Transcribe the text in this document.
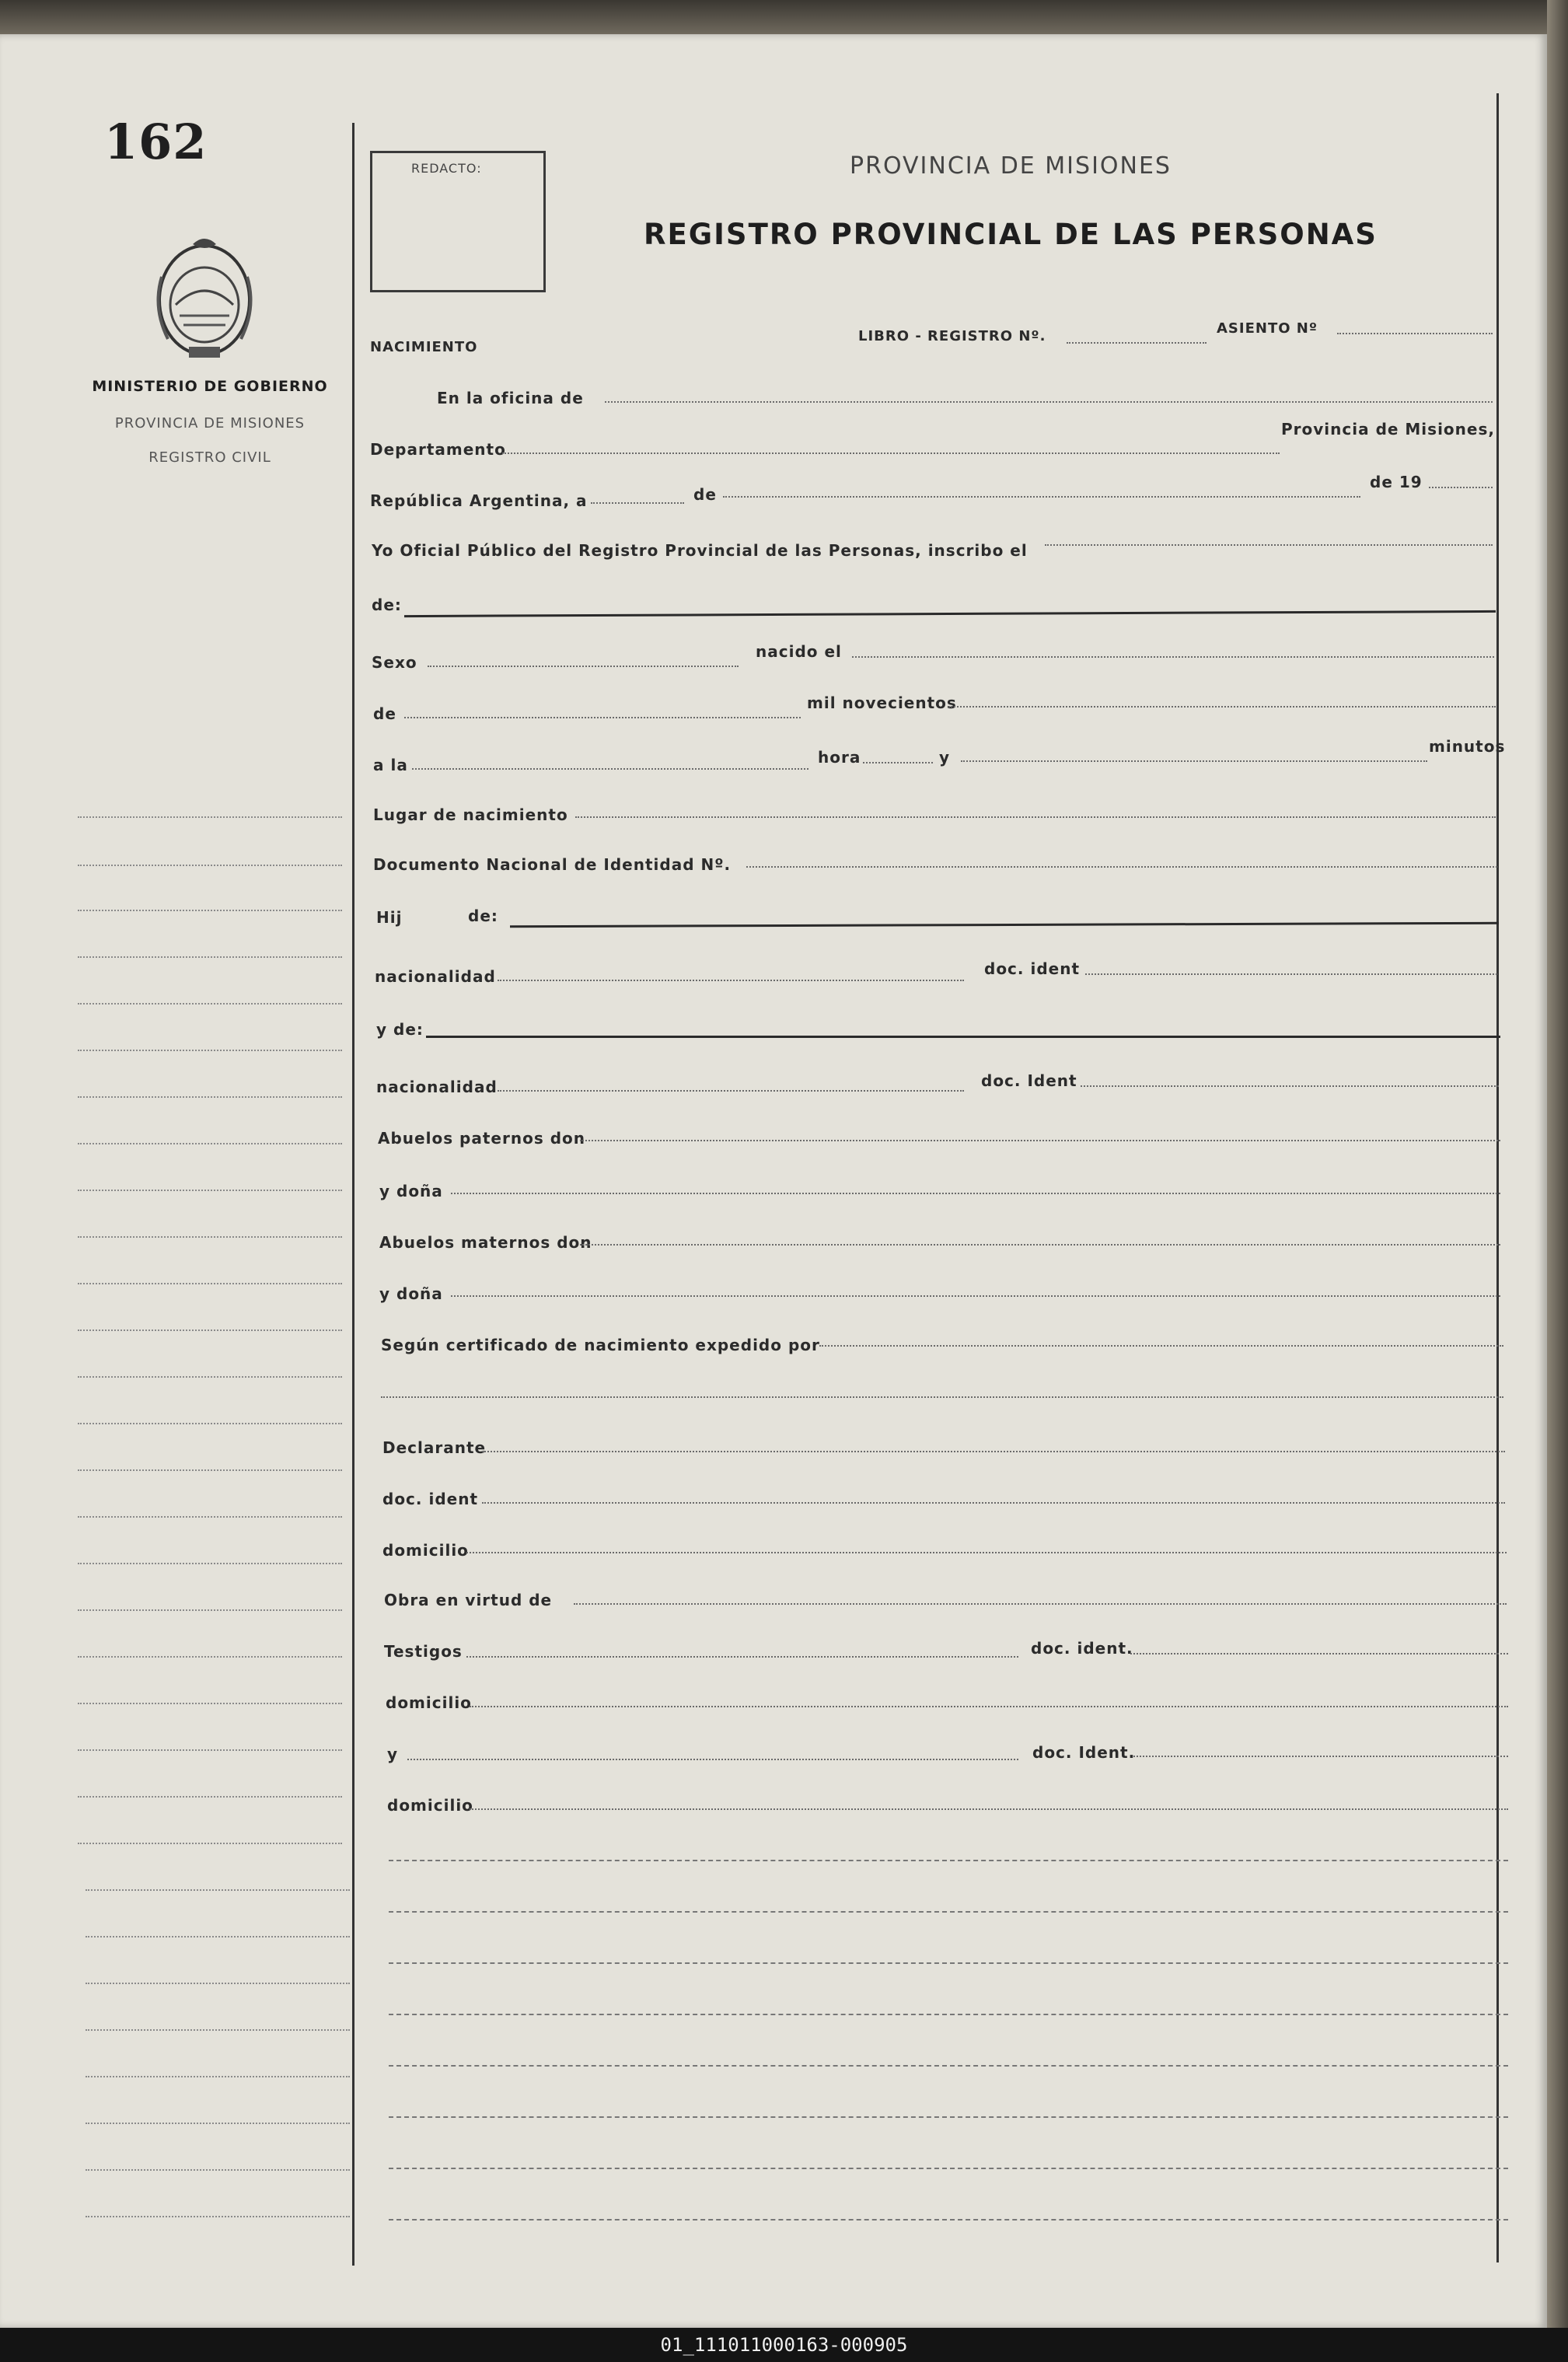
162
MINISTERIO DE GOBIERNO
PROVINCIA DE MISIONES
REGISTRO CIVIL
REDACTO:	PROVINCIA DE MISIONES
REGISTRO PROVINCIAL DE LAS PERSONAS
NACIMIENTO
LIBRO - REGISTRO Nº.	ASIENTO Nº
En la oficina de
Departamento
Provincia de Misiones,
República Argentina, a	de
de 19
Yo Oficial Público del Registro Provincial de las Personas, inscribo el
de:
Sexo
nacido el
de
mil novecientos
a la	hora	y
minutos
Lugar de nacimiento
Documento Nacional de Identidad Nº.
Hij	de:
nacionalidad	doc. ident
y de:
nacionalidad	doc. Ident
Abuelos paternos don
y doña
Abuelos maternos don
y doña
Según certificado de nacimiento expedido por
Declarante
doc. ident
domicilio
Obra en virtud de
Testigos	doc. ident.
domicilio
y	doc. Ident.
domicilio
01_111011000163-000905
